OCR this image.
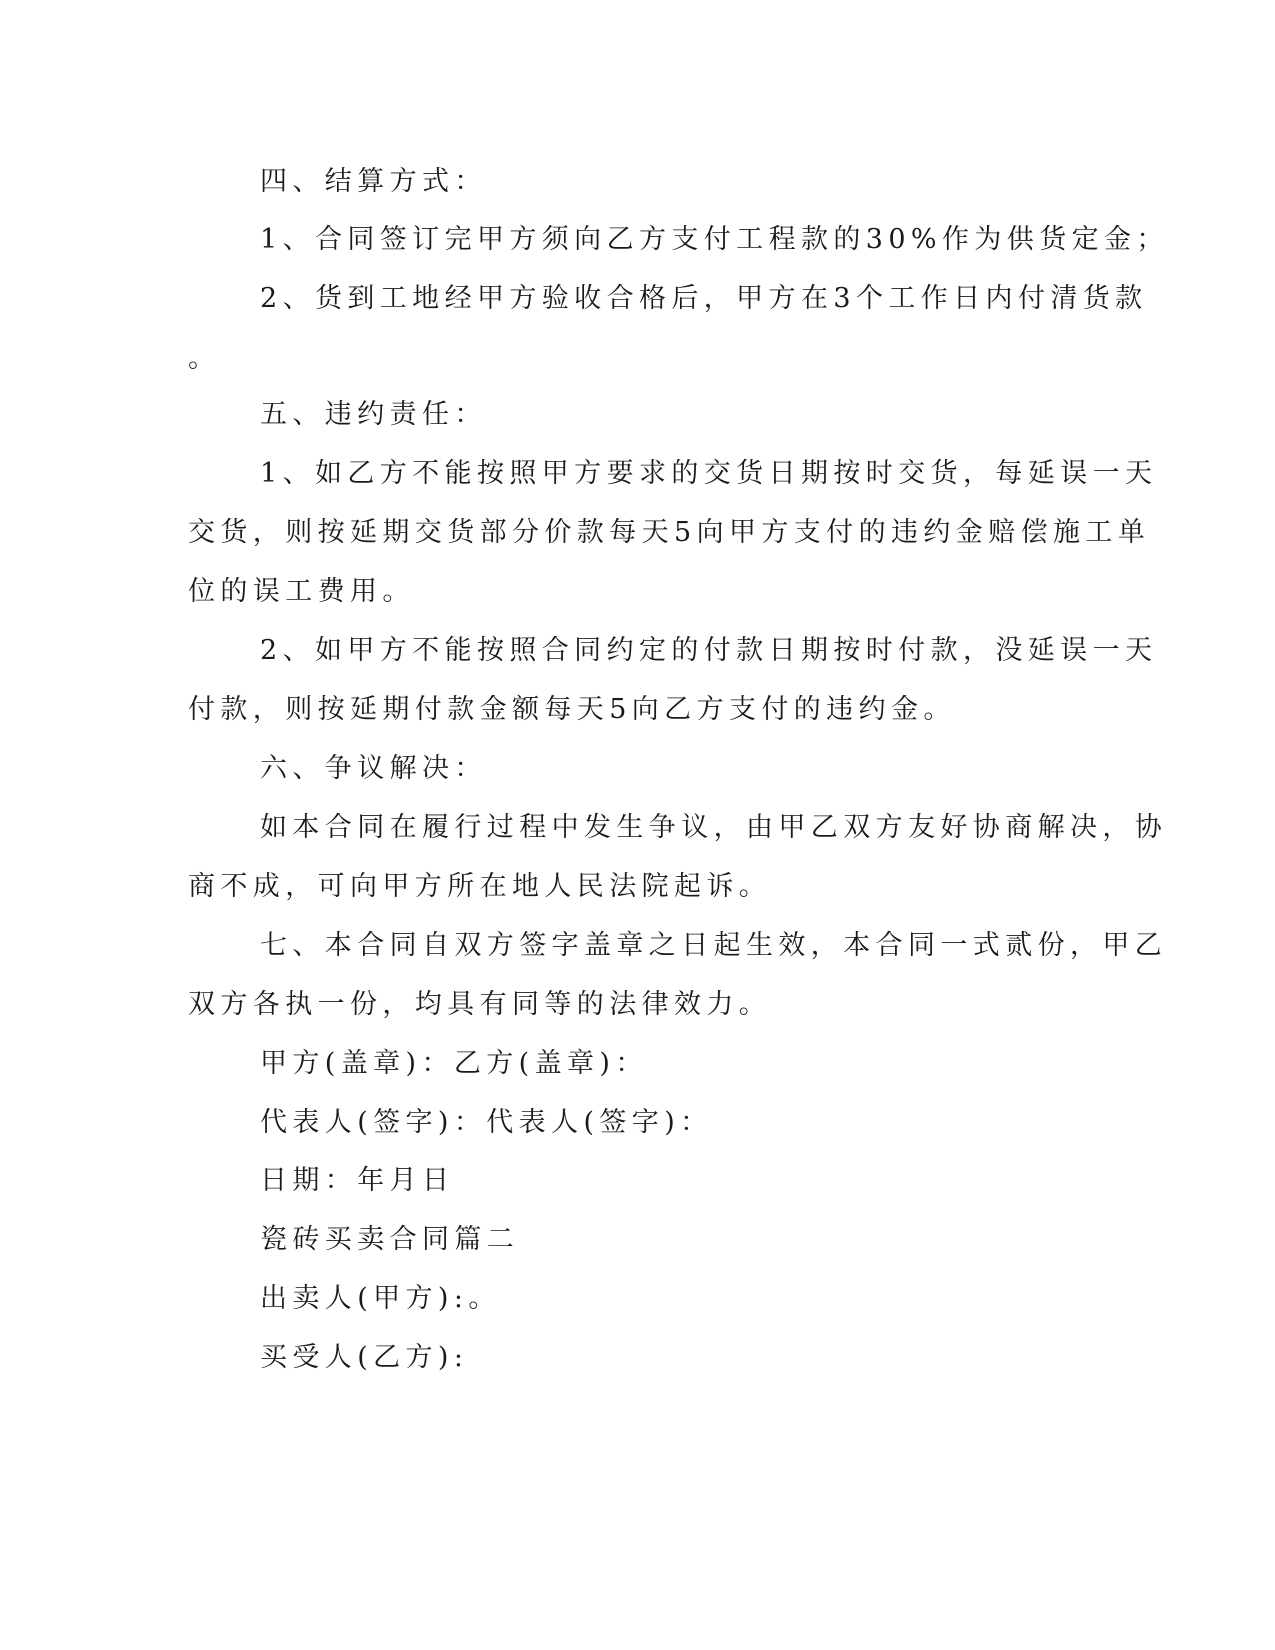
四、结算方式：
1、合同签订完甲方须向乙方支付工程款的30%作为供货定金；
2、货到工地经甲方验收合格后，甲方在3个工作日内付清货款
。
五、违约责任：
1、如乙方不能按照甲方要求的交货日期按时交货，每延误一天
交货，则按延期交货部分价款每天5向甲方支付的违约金赔偿施工单
位的误工费用。
2、如甲方不能按照合同约定的付款日期按时付款，没延误一天
付款，则按延期付款金额每天5向乙方支付的违约金。
六、争议解决：
如本合同在履行过程中发生争议，由甲乙双方友好协商解决，协
商不成，可向甲方所在地人民法院起诉。
七、本合同自双方签字盖章之日起生效，本合同一式贰份，甲乙
双方各执一份，均具有同等的法律效力。
甲方(盖章)：乙方(盖章)：
代表人(签字)：代表人(签字)：
日期：年月日
瓷砖买卖合同篇二
出卖人(甲方):。
买受人(乙方):
